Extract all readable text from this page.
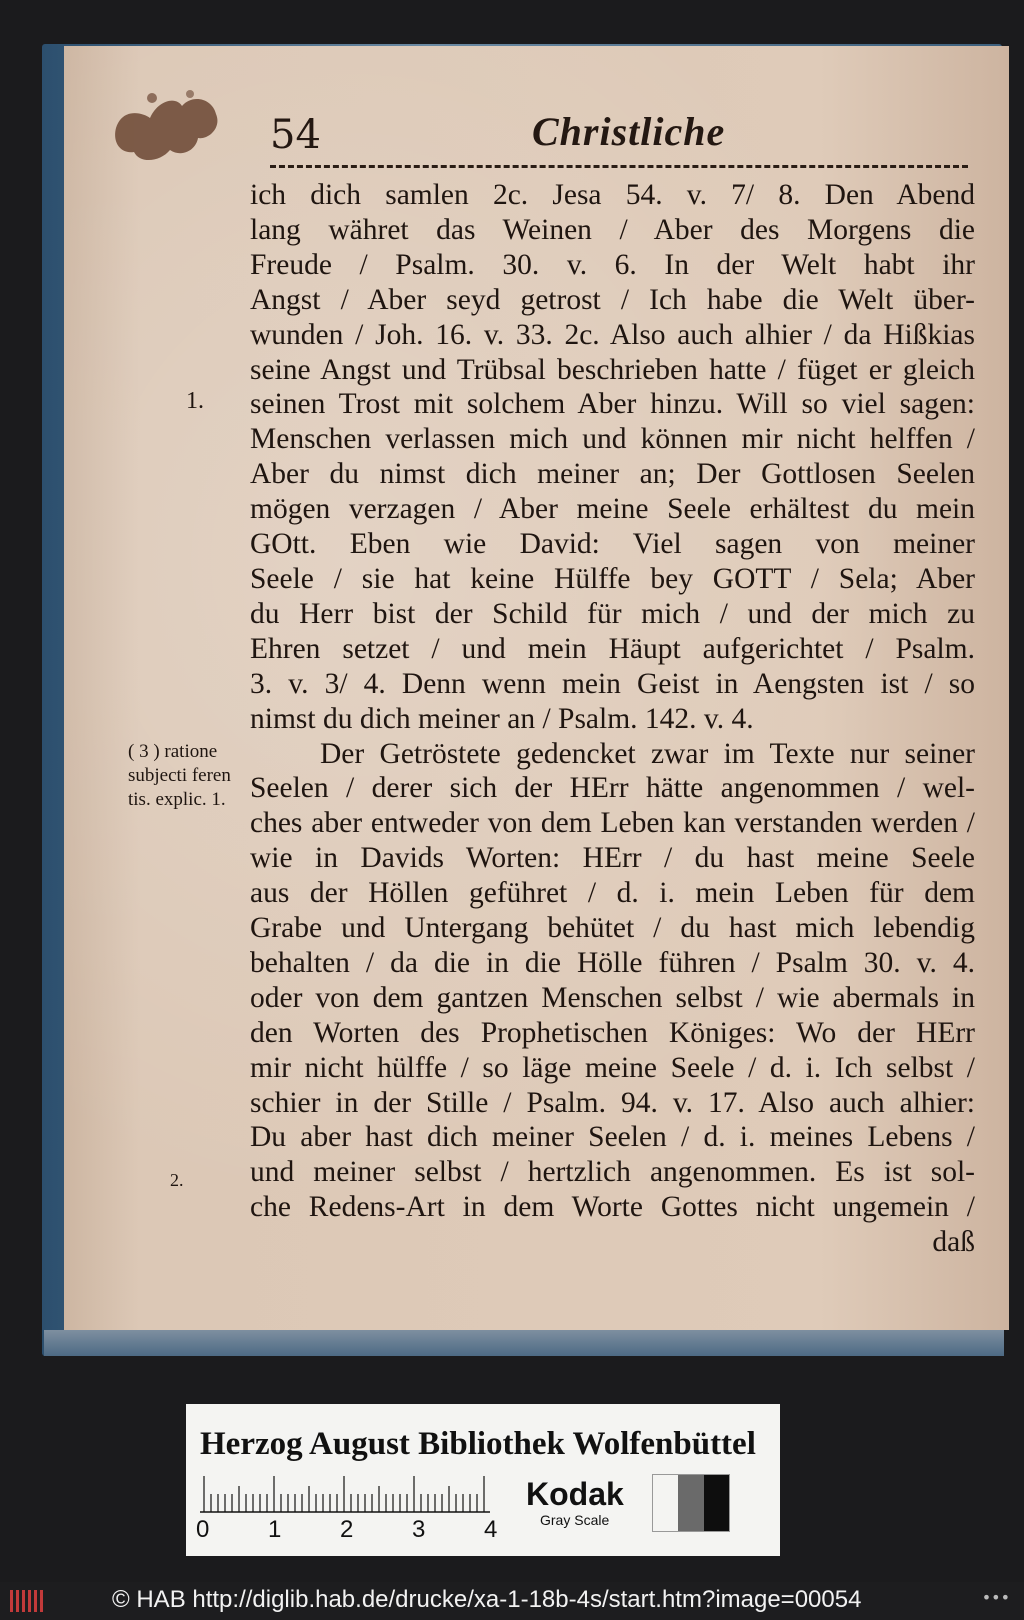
54	Christliche
ich dich samlen 2c. Jesa 54. v. 7/ 8. Den Abend
lang währet das Weinen / Aber des Morgens die
Freude / Psalm. 30. v. 6. In der Welt habt ihr
Angst / Aber seyd getrost / Ich habe die Welt über-
wunden / Joh. 16. v. 33. 2c. Also auch alhier / da Hißkias
seine Angst und Trübsal beschrieben hatte / füget er gleich
seinen Trost mit solchem Aber hinzu. Will so viel sagen:
Menschen verlassen mich und können mir nicht helffen /
Aber du nimst dich meiner an; Der Gottlosen Seelen
mögen verzagen / Aber meine Seele erhältest du mein
GOtt. Eben wie David: Viel sagen von meiner
Seele / sie hat keine Hülffe bey GOTT / Sela; Aber
du Herr bist der Schild für mich / und der mich zu
Ehren setzet / und mein Häupt aufgerichtet / Psalm.
3. v. 3/ 4. Denn wenn mein Geist in Aengsten ist / so
nimst du dich meiner an / Psalm. 142. v. 4.
Der Getröstete gedencket zwar im Texte nur seiner
Seelen / derer sich der HErr hätte angenommen / wel-
ches aber entweder von dem Leben kan verstanden werden /
wie in Davids Worten: HErr / du hast meine Seele
aus der Höllen geführet / d. i. mein Leben für dem
Grabe und Untergang behütet / du hast mich lebendig
behalten / da die in die Hölle führen / Psalm 30. v. 4.
oder von dem gantzen Menschen selbst / wie abermals in
den Worten des Prophetischen Königes: Wo der HErr
mir nicht hülffe / so läge meine Seele / d. i. Ich selbst /
schier in der Stille / Psalm. 94. v. 17. Also auch alhier:
Du aber hast dich meiner Seelen / d. i. meines Lebens /
und meiner selbst / hertzlich angenommen. Es ist sol-
che Redens-Art in dem Worte Gottes nicht ungemein /
daß
1.
( 3 ) ratione
subjecti feren
tis. explic. 1.
2.
Herzog August Bibliothek Wolfenbüttel
0 1 2 3 4
Kodak
Gray Scale
© HAB http://diglib.hab.de/drucke/xa-1-18b-4s/start.htm?image=00054	•••
